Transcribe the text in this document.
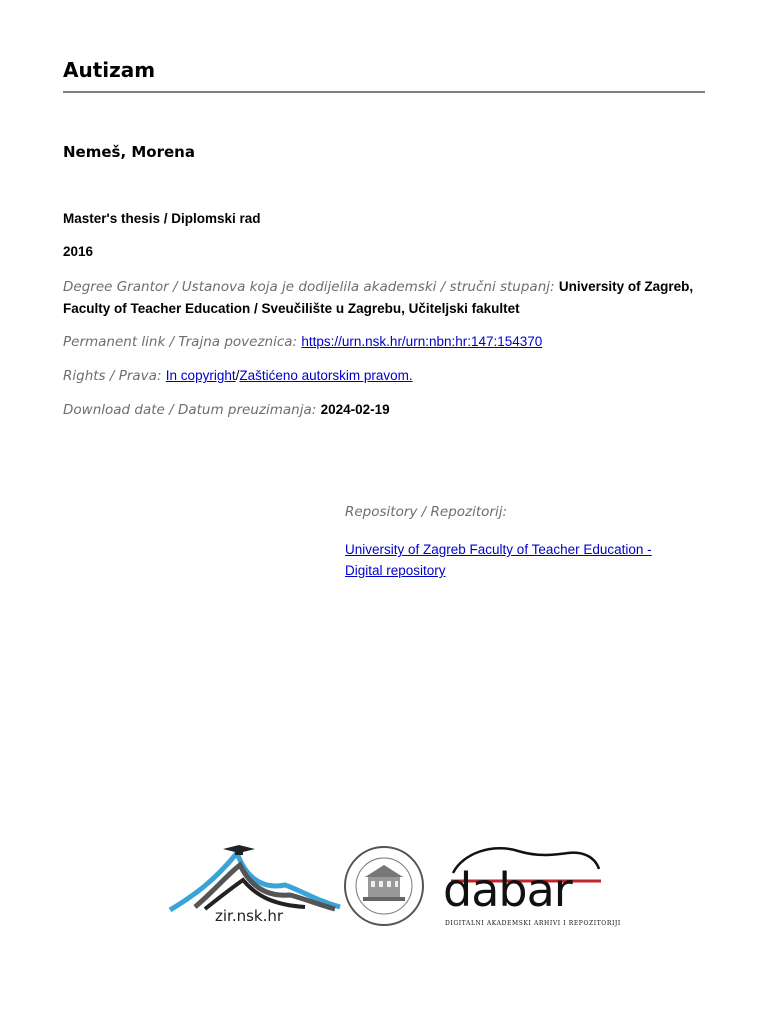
Autizam
Nemeš, Morena
Master's thesis / Diplomski rad
2016
Degree Grantor / Ustanova koja je dodijelila akademski / stručni stupanj: University of Zagreb, Faculty of Teacher Education / Sveučilište u Zagrebu, Učiteljski fakultet
Permanent link / Trajna poveznica: https://urn.nsk.hr/urn:nbn:hr:147:154370
Rights / Prava: In copyright/Zaštićeno autorskim pravom.
Download date / Datum preuzimanja: 2024-02-19
Repository / Repozitorij:
University of Zagreb Faculty of Teacher Education - Digital repository
zir.nsk.hr	dabar
DIGITALNI AKADEMSKI ARHIVI I REPOZITORIJI
